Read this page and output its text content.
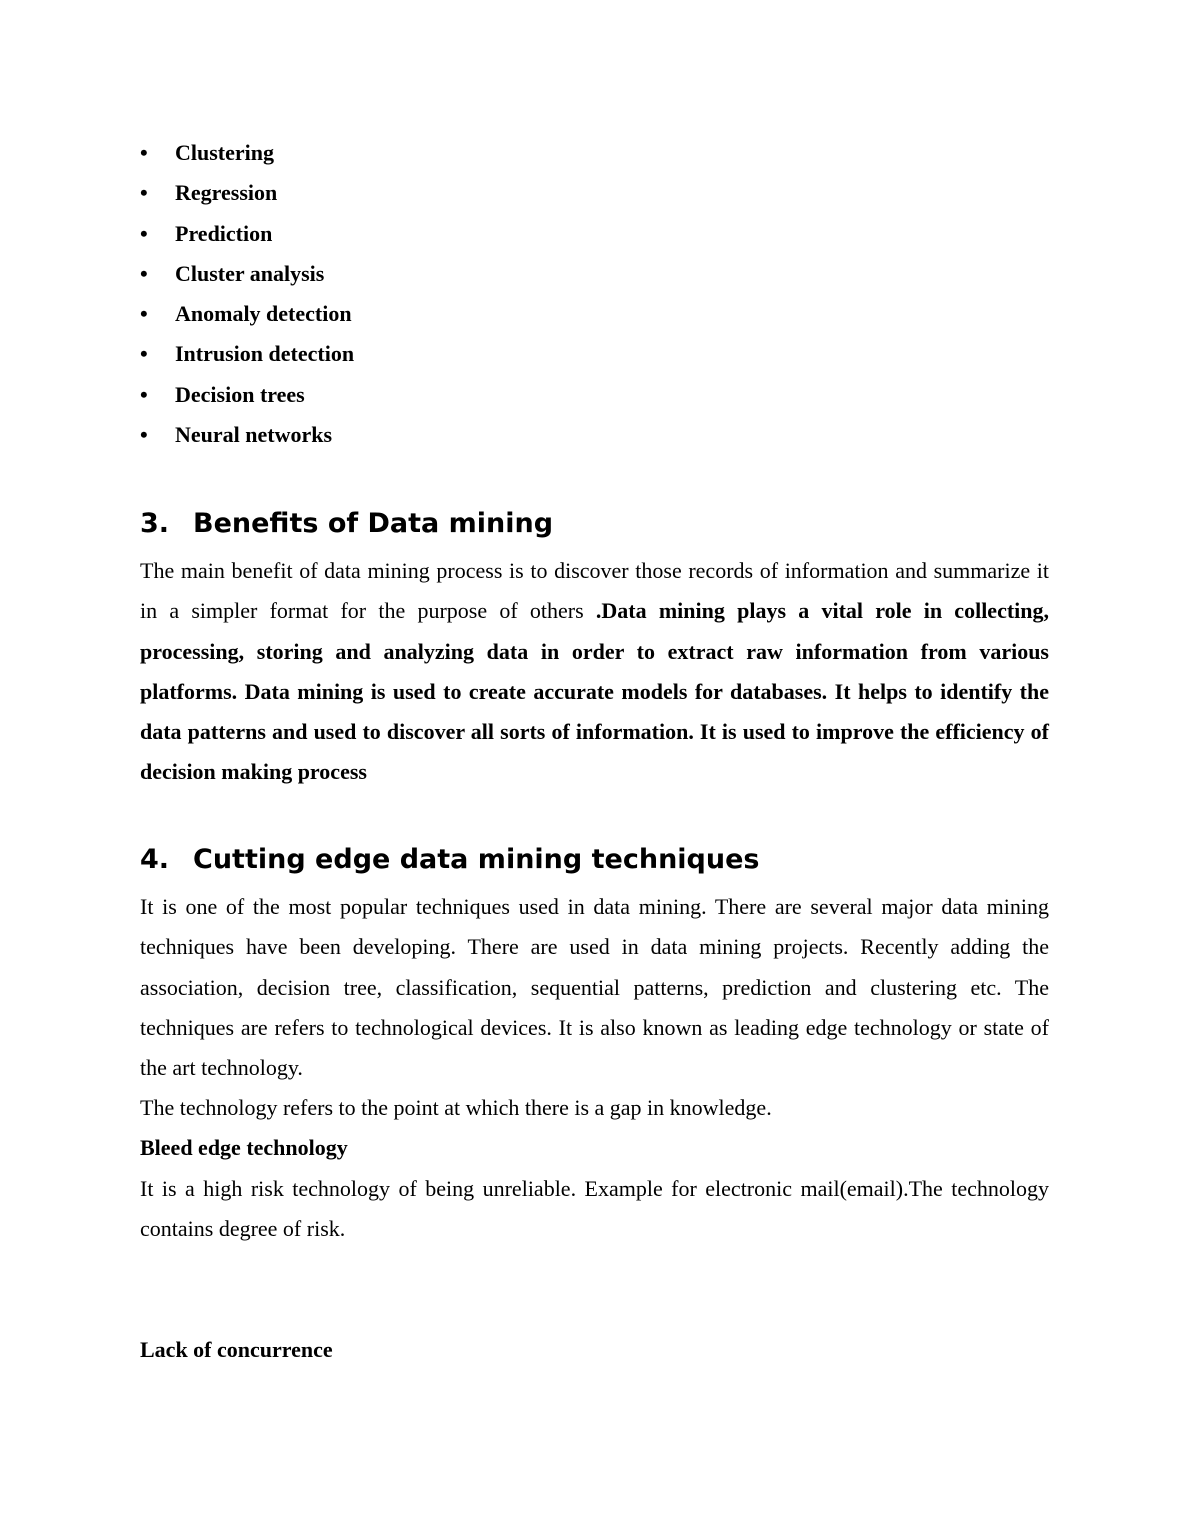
• Clustering
• Regression
• Prediction
• Cluster analysis
• Anomaly detection
• Intrusion detection
• Decision trees
• Neural networks
3. Benefits of Data mining

The main benefit of data mining process is to discover those records of information and summarize it in a simpler format for the purpose of others .Data mining plays a vital role in collecting, processing, storing and analyzing data in order to extract raw information from various platforms. Data mining is used to create accurate models for databases. It helps to identify the data patterns and used to discover all sorts of information. It is used to improve the efficiency of decision making process

4. Cutting edge data mining techniques

It is one of the most popular techniques used in data mining. There are several major data mining techniques have been developing. There are used in data mining projects. Recently adding the association, decision tree, classification, sequential patterns, prediction and clustering etc. The techniques are refers to technological devices. It is also known as leading edge technology or state of the art technology.

The technology refers to the point at which there is a gap in knowledge.

Bleed edge technology

It is a high risk technology of being unreliable. Example for electronic mail(email).The technology contains degree of risk.

Lack of concurrence
